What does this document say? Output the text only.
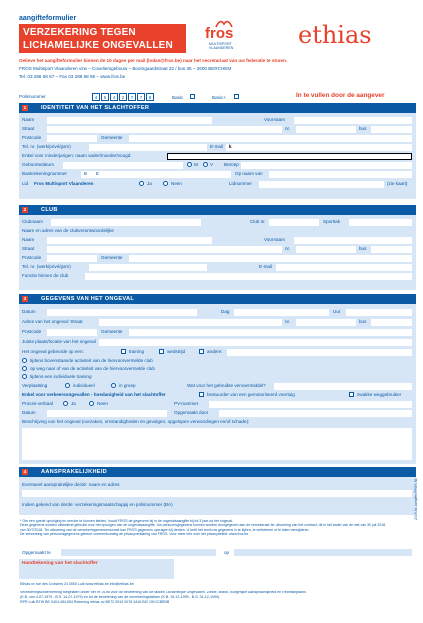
aangifteformulier
VERZEKERING TEGEN
LICHAMELIJKE ONGEVALLEN
fros
MULTISPORT
VLAANDEREN	ethias
Gelieve het aangifteformulier binnen de 10 dagen per mail (lodan@fros.be) naar het secretariaat van uw federatie te sturen.
FROS Multisport Vlaanderen vzw – Coveliersgebouw – Boomgaardstraat 22 / bus 35 – 2600 BERCHEM
Tel. 03 286 58 57 – Fax 03 286 58 58 – www.fros.be
Polisnummer	4	5	4	2	7	7	8	Basic	Basic+	In te vullen door de aangever
1	IDENTITEIT VAN HET SLACHTOFFER
Naam	Voornaam
Straat	nr.	bus
Postcode	Gemeente
Tel. nr. (werk/privé/gsm)	E-mail k
Enkel voor minderjarigen: naam vader/moeder/voogd:
Geboortedatum	M	V Beroep
Bankrekeningnummer	B E	Op naam van
Lid Fros Multisport Vlaanderen	Ja	Neen	Lidnummer	(zie kaart)
2	CLUB
Clubnaam	Club nr.	Sporttak
Naam en adres van de clubverantwoordelijke
Naam	Voornaam
Straat	nr.	bus
Postcode	Gemeente
Tel. nr. (werk/privé/gsm)	E-mail
Functie binnen de club
3	GEGEVENS VAN HET ONGEVAL
Datum	Dag	Uur
Adres van het ongeval: Straat	nr.	bus
Postcode	Gemeente
Juiste plaats/locatie van het ongeval
Het ongeval gebeurde op een:	training	wedstrijd	andere:
tijdens bovenstaande activiteit van de hiervoorvermelde club
op weg naar of van de activiteit van de hiervoorvermelde club
tijdens een individuele training
Verplaatsing	individueel	in groep	Wat voor het gebruikte vervoermiddel?
Enkel voor verkeersongevallen - hoedanigheid van het slachtoffer	bestuurder van een gemotoriseerd voertuig	zwakke weggebruiker
Proces-verbaal	Ja	Neen	PV-nummer
Datum	Opgemaakt door
Beschrijving van het ongeval (oorzaken, omstandigheden en gevolgen, opgelopen verwondingen en/of schade):
4	AANSPRAKELIJKHEID
Eventueel aansprakelijke derde: naam en adres:
Indien gekend van derde: verzekeringsmaatschappij en polisnummer (BA)
* Om een goede opvolging en service te kunnen bieden, houdt FROS de gegevens bij in de ongevalsaangifte bij tot 3 jaar na het ongeval.
Deze gegevens worden uitsluitend gebruikt voor het opvolgen van de ongevalsaangifte. Uw persoonsgegevens kunnen worden doorgegeven aan de verzekeraar ter uitvoering van het contract, dit in het kader van de wet van 30 juli 2018.
van 30/7/2018. Ter uitvoering van de verzekeringsovereenkomst kan FROS gegevens opvragen bij derden. U hebt het recht uw gegevens in te kijken, te verbeteren of te laten verwijderen.
De verwerking van persoonsgegevens gebeurt overeenkomstig de privacyverklaring van FROS. Voor meer info over het privacybeleid: www.fros.be
Opgemaakt te	op
Handtekening van het slachtoffer
Ethias nv rue des Croisiers 24 4000 Luik www.ethias.be info@ethias.be
Verzekeringsonderneming toegelaten onder het nr. 0196 voor de beoefening van de takken Lichamelijke Ongevallen, Ziekte, Brand, Burgerlijke Aansprakelijkheid en Rechtsbijstand.
(K.B. van 4-07-1979 - B.S. 14-07-1979) en tot de beoefening van de verzekeringstakken (K.B. 15-12-1999 - B.S. 31-12-1999).
RPR Luik BTW BE 0404.484.654 Rekening ethias nv BE72 0910 0078 4416 BIC GKCCBEBB
2019-AL-aangifte-FROS-NL
